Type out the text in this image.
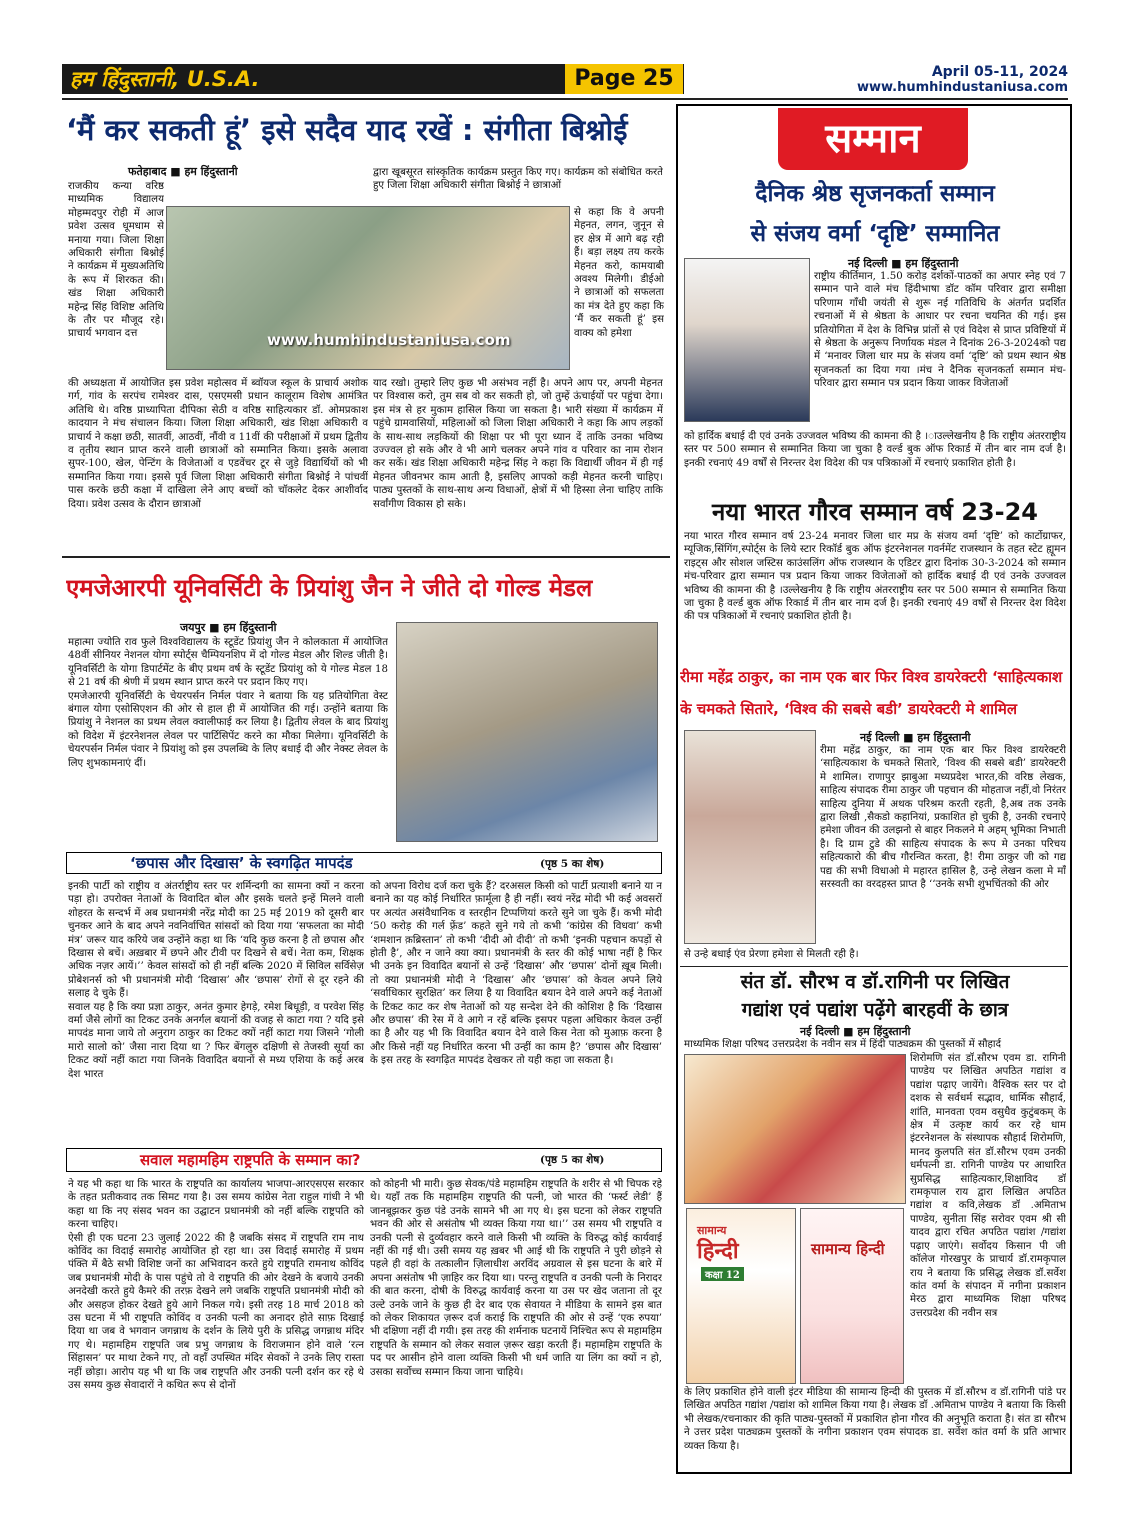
हम हिंदुस्तानी, U.S.A.	Page 25	April 05-11, 2024
www.humhindustaniusa.com
‘मैं कर सकती हूं’ इसे सदैव याद रखें : संगीता बिश्नोई
फतेहाबाद ■ हम हिंदुस्तानी
राजकीय कन्या वरिष्ठ माध्यमिक विद्यालय मोहम्मदपुर रोही में आज प्रवेश उत्सव धूमधाम से मनाया गया। जिला शिक्षा अधिकारी संगीता बिश्नोई ने कार्यक्रम में मुख्यअतिथि के रूप में शिरकत की। खंड शिक्षा अधिकारी महेन्द्र सिंह विशिष्ट अतिथि के तौर पर मौजूद रहे। प्राचार्य भगवान दत्त	www.humhindustaniusa.com
की अध्यक्षता में आयोजित इस प्रवेश महोत्सव में ब्वॉयज स्कूल के प्राचार्य अशोक गर्ग, गांव के सरपंच रामेश्वर दास, एसएमसी प्रधान कालूराम विशेष आमंत्रित अतिथि थे। वरिष्ठ प्राध्यापिता दीपिका सेठी व वरिष्ठ साहित्यकार डॉ. ओमप्रकाश कादयान ने मंच संचालन किया। जिला शिक्षा अधिकारी, खंड शिक्षा अधिकारी व प्राचार्य ने कक्षा छठी, सातवीं, आठवीं, नौंवी व 11वीं की परीक्षाओं में प्रथम द्वितीय व तृतीय स्थान प्राप्त करने वाली छात्राओं को सम्मानित किया। इसके अलावा सुपर-100, खेल, पेन्टिंग के विजेताओं व एडवेंचर टूर से जुड़े विद्यार्थियों को भी सम्मानित किया गया। इससे पूर्व जिला शिक्षा अधिकारी संगीता बिश्नोई ने पांचवीं पास करके छठी कक्षा में दाखिला लेने आए बच्चों को चॉकलेट देकर आशीर्वाद दिया। प्रवेश उत्सव के दौरान छात्राओं
द्वारा खूबसूरत सांस्कृतिक कार्यक्रम प्रस्तुत किए गए। कार्यक्रम को संबोधित करते हुए जिला शिक्षा अधिकारी संगीता बिश्नोई ने छात्राओं
से कहा कि वे अपनी मेहनत, लगन, जुनून से हर क्षेत्र में आगे बढ़ रही हैं। बड़ा लक्ष्य तय करके मेहनत करो, कामयाबी अवश्य मिलेगी। डीईओ ने छात्राओं को सफलता का मंत्र देते हुए कहा कि ‘मैं कर सकती हूं’ इस वाक्य को हमेशा
याद रखो। तुम्हारे लिए कुछ भी असंभव नहीं है। अपने आप पर, अपनी मेहनत पर विश्वास करो, तुम सब वो कर सकती हो, जो तुम्हें ऊंचाईयों पर पहुंचा देगा। इस मंत्र से हर मुकाम हासिल किया जा सकता है। भारी संख्या में कार्यक्रम में पहुंचे ग्रामवासियों, महिलाओं को जिला शिक्षा अधिकारी ने कहा कि आप लड़कों के साथ-साथ लड़कियों की शिक्षा पर भी पूरा ध्यान दें ताकि उनका भविष्य उज्ज्वल हो सके और वे भी आगे चलकर अपने गांव व परिवार का नाम रोशन कर सकें। खंड शिक्षा अधिकारी महेन्द्र सिंह ने कहा कि विद्यार्थी जीवन में ही गई मेहनत जीवनभर काम आती है, इसलिए आपको कड़ी मेहनत करनी चाहिए। पाठ्य पुस्तकों के साथ-साथ अन्य विधाओं, क्षेत्रों में भी हिस्सा लेना चाहिए ताकि सर्वांगीण विकास हो सके।
एमजेआरपी यूनिवर्सिटी के प्रियांशु जैन ने जीते दो गोल्ड मेडल
जयपुर ■ हम हिंदुस्तानी
महात्मा ज्योति राव फुले विश्वविद्यालय के स्टूडेंट प्रियांशु जैन ने कोलकाता में आयोजित 48वीं सीनियर नेशनल योगा स्पोर्ट्स चैम्पियनशिप में दो गोल्ड मेडल और शिल्ड जीती है। यूनिवर्सिटी के योगा डिपार्टमेंट के बीए प्रथम वर्ष के स्टूडेंट प्रियांशु को ये गोल्ड मेडल 18 से 21 वर्ष की श्रेणी में प्रथम स्थान प्राप्त करने पर प्रदान किए गए।
एमजेआरपी यूनिवर्सिटी के चेयरपर्सन निर्मल पंवार ने बताया कि यह प्रतियोगिता वेस्ट बंगाल योगा एसोसिएशन की ओर से हाल ही में आयोजित की गई। उन्होंने बताया कि प्रियांशु ने नेशनल का प्रथम लेवल क्वालीफाई कर लिया है। द्वितीय लेवल के बाद प्रियांशु को विदेश में इंटरनेशनल लेवल पर पार्टिसिपेंट करने का मौका मिलेगा। यूनिवर्सिटी के चेयरपर्सन निर्मल पंवार ने प्रियांशु को इस उपलब्धि के लिए बधाई दी और नेक्स्ट लेवल के लिए शुभकामनाएं दीं।
‘छपास और दिखास’ के स्वगढ़ित मापदंड	(पृष्ठ 5 का शेष)
इनकी पार्टी को राष्ट्रीय व अंतर्राष्ट्रीय स्तर पर शर्मिन्दगी का सामना क्यों न करना पड़ा हो। उपरोक्त नेताओं के विवादित बोल और इसके चलते इन्हें मिलने वाली शोहरत के सन्दर्भ में अब प्रधानमंत्री नरेंद्र मोदी का 25 मई 2019 को दूसरी बार चुनकर आने के बाद अपने नवनिर्वाचित सांसदों को दिया गया ‘सफलता का मोदी मंत्र’ जरूर याद करिये जब उन्होंने कहा था कि ‘यदि कुछ करना है तो छपास और दिखास से बचें। अख़बार में छपने और टीवी पर दिखने से बचें। नेता कम, शिक्षक अधिक नज़र आयें।’’ केवल सांसदों को ही नहीं बल्कि 2020 में सिविल सर्विसेज़ प्रोबेशनर्स को भी प्रधानमंत्री मोदी ‘दिखास’ और ‘छपास’ रोगों से दूर रहने की सलाह दे चुके हैं।
सवाल यह है कि क्या प्रज्ञा ठाकुर, अनंत कुमार हेगड़े, रमेश बिधूड़ी, व परवेश सिंह वर्मा जैसे लोगों का टिकट उनके अनर्गल बयानों की वजह से काटा गया ? यदि इसे मापदंड माना जाये तो अनुराग ठाकुर का टिकट क्यों नहीं काटा गया जिसने ‘गोली मारो सालो को’ जैसा नारा दिया था ? फिर बेंगलुरु दक्षिणी से तेजस्वी सूर्या का टिकट क्यों नहीं काटा गया जिनके विवादित बयानों से मध्य एशिया के कई अरब देश भारत
को अपना विरोध दर्ज करा चुके हैं? दरअसल किसी को पार्टी प्रत्याशी बनाने या न बनाने का यह कोई निर्धारित फ़ार्मूला है ही नहीं। स्वयं नरेंद्र मोदी भी कई अवसरों पर अत्यंत असंवैधानिक व स्तरहीन टिप्पणियां करते सुने जा चुके हैं। कभी मोदी ‘50 करोड़ की गर्ल फ़्रेंड’ कहते सुने गये तो कभी ‘कांग्रेस की विधवा’ कभी ‘शमशान क़ब्रिस्तान’ तो कभी ‘दीदी ओ दीदी’ तो कभी ‘इनकी पहचान कपड़ों से होती है’, और न जाने क्या क्या। प्रधानमंत्री के स्तर की कोई भाषा नहीं है फिर भी उनके इन विवादित बयानों से उन्हें ‘दिखास’ और ‘छपास’ दोनों ख़ूब मिली। तो क्या प्रधानमंत्री मोदी ने ‘दिखास’ और ‘छपास’ को केवल अपने लिये ‘सर्वाधिकार सुरक्षित’ कर लिया है या विवादित बयान देने वाले अपने कई नेताओं के टिकट काट कर शेष नेताओं को यह सन्देश देने की कोशिश है कि ‘दिखास और छपास’ की रेस में वे आगे न रहें बल्कि इसपर पहला अधिकार केवल उन्हीं का है और यह भी कि विवादित बयान देने वाले किस नेता को मुआफ़ करना है और किसे नहीं यह निर्धारित करना भी उन्हीं का काम है? ‘छपास और दिखास’ के इस तरह के स्वगढ़ित मापदंड देखकर तो यही कहा जा सकता है।
सवाल महामहिम राष्ट्रपति के सम्मान का?	(पृष्ठ 5 का शेष)
ने यह भी कहा था कि भारत के राष्ट्रपति का कार्यालय भाजपा-आरएसएस सरकार के तहत प्रतीकवाद तक सिमट गया है। उस समय कांग्रेस नेता राहुल गांधी ने भी कहा था कि नए संसद भवन का उद्घाटन प्रधानमंत्री को नहीं बल्कि राष्ट्रपति को करना चाहिए।
ऐसी ही एक घटना 23 जुलाई 2022 की है जबकि संसद में राष्ट्रपति राम नाथ कोविंद का विदाई समारोह आयोजित हो रहा था। उस विदाई समारोह में प्रथम पंक्ति में बैठे सभी विशिष्ट जनों का अभिवादन करते हुये राष्ट्रपति रामनाथ कोविंद जब प्रधानमंत्री मोदी के पास पहुंचे तो वे राष्ट्रपति की ओर देखने के बजाये उनकी अनदेखी करते हुये कैमरे की तरफ़ देखने लगे जबकि राष्ट्रपति प्रधानमंत्री मोदी को और असहज होकर देखते हुये आगे निकल गये। इसी तरह 18 मार्च 2018 को उस घटना में भी राष्ट्रपति कोविंद व उनकी पत्नी का अनादर होते साफ़ दिखाई दिया था जब वे भगवान जगन्नाथ के दर्शन के लिये पुरी के प्रसिद्ध जगन्नाथ मंदिर गए थे। महामहिम राष्ट्रपति जब प्रभु जगन्नाथ के विराजमान होने वाले ‘रत्न सिंहासन’ पर माथा टेकने गए, तो वहाँ उपस्थित मंदिर सेवकों ने उनके लिए रास्ता नहीं छोड़ा। आरोप यह भी था कि जब राष्ट्रपति और उनकी पत्नी दर्शन कर रहे थे उस समय कुछ सेवादारों ने कथित रूप से दोनों
को कोहनी भी मारी। कुछ सेवक/पंडे महामहिम राष्ट्रपति के शरीर से भी चिपक रहे थे। यहाँ तक कि महामहिम राष्ट्रपति की पत्नी, जो भारत की ‘फर्स्ट लेडी’ हैं जानबूझकर कुछ पंडे उनके सामने भी आ गए थे। इस घटना को लेकर राष्ट्रपति भवन की ओर से असंतोष भी व्यक्त किया गया था।’’ उस समय भी राष्ट्रपति व उनकी पत्नी से दुर्व्यवहार करने वाले किसी भी व्यक्ति के विरुद्ध कोई कार्यवाई नहीं की गई थी। उसी समय यह ख़बर भी आई थी कि राष्ट्रपति ने पुरी छोड़ने से पहले ही वहां के तत्कालीन ज़िलाधीश अरविंद अग्रवाल से इस घटना के बारे में अपना असंतोष भी ज़ाहिर कर दिया था। परन्तु राष्ट्रपति व उनकी पत्नी के निरादर की बात करना, दोषी के विरुद्ध कार्यवाई करना या उस पर खेद जताना तो दूर उल्टे उनके जाने के कुछ ही देर बाद एक सेवायत ने मीडिया के सामने इस बात को लेकर शिकायत ज़रूर दर्ज कराई कि राष्ट्रपति की ओर से उन्हें ‘एक रुपया’ भी दक्षिणा नहीं दी गयी। इस तरह की शर्मनाक घटनायें निश्चित रूप से महामहिम राष्ट्रपति के सम्मान को लेकर सवाल ज़रूर खड़ा करती हैं। महामहिम राष्ट्रपति के पद पर आसीन होने वाला व्यक्ति किसी भी धर्म जाति या लिंग का क्यों न हो, उसका सर्वोच्च सम्मान किया जाना चाहिये।
सम्मान
दैनिक श्रेष्ठ सृजनकर्ता सम्मान
से संजय वर्मा ‘दृष्टि’ सम्मानित
नई दिल्ली ■ हम हिंदुस्तानी
राष्ट्रीय कीर्तिमान, 1.50 करोड़ दर्शकों-पाठकों का अपार स्नेह एवं 7 सम्मान पाने वाले मंच हिंदीभाषा डॉट कॉम परिवार द्वारा समीक्षा परिणाम गाँधी जयंती से शुरू नई गतिविधि के अंतर्गत प्रदर्शित रचनाओं में से श्रेष्ठता के आधार पर रचना चयनित की गई। इस प्रतियोगिता में देश के विभिन्न प्रांतों से एवं विदेश से प्राप्त प्रविष्टियों में से श्रेष्ठता के अनुरूप निर्णायक मंडल ने दिनांक 26-3-2024को पद्य में ‘मनावर जिला धार मप्र के संजय वर्मा ‘दृष्टि’ को प्रथम स्थान श्रेष्ठ सृजनकर्ता का दिया गया ।मंच ने दैनिक सृजनकर्ता सम्मान मंच-परिवार द्वारा सम्मान पत्र प्रदान किया जाकर विजेताओं
को हार्दिक बधाई दी एवं उनके उज्जवल भविष्य की कामना की है ।ाउल्लेखनीय है कि राष्ट्रीय अंतरराष्ट्रीय स्तर पर 500 सम्मान से सम्मानित किया जा चुका है वर्ल्ड बुक ऑफ रिकार्ड में तीन बार नाम दर्ज है। इनकी रचनाएं 49 वर्षों से निरन्तर देश विदेश की पत्र पत्रिकाओं में रचनाएं प्रकाशित होती है।
नया भारत गौरव सम्मान वर्ष 23-24
नया भारत गौरव सम्मान वर्ष 23-24 मनावर जिला धार मप्र के संजय वर्मा ‘दृष्टि’ को कार्टोग्राफर, म्यूजिक,सिंगिंग,स्पोर्ट्स के लिये स्टार रिकॉर्ड बुक ऑफ इंटरनेशनल गवर्नमेंट राजस्थान के तहत स्टेट ह्यूमन राइट्स और सोशल जस्टिस काउंसलिंग ऑफ राजस्थान के एडिटर द्वारा दिनांक 30-3-2024 को सम्मान मंच-परिवार द्वारा सम्मान पत्र प्रदान किया जाकर विजेताओं को हार्दिक बधाई दी एवं उनके उज्जवल भविष्य की कामना की है ।उल्लेखनीय है कि राष्ट्रीय अंतरराष्ट्रीय स्तर पर 500 सम्मान से सम्मानित किया जा चुका है वर्ल्ड बुक ऑफ रिकार्ड में तीन बार नाम दर्ज है। इनकी रचनाएं 49 वर्षों से निरन्तर देश विदेश की पत्र पत्रिकाओं में रचनाएं प्रकाशित होती है।
रीमा महेंद्र ठाकुर, का नाम एक बार फिर विश्व डायरेक्टरी ‘साहित्यकाश
के चमकते सितारे, ‘विश्व की सबसे बडी’ डायरेक्टरी मे शामिल
नई दिल्ली ■ हम हिंदुस्तानी
रीमा महेंद्र ठाकुर, का नाम एक बार फिर विश्व डायरेक्टरी ‘साहित्यकाश के चमकते सितारे, ‘विश्व की सबसे बडी’ डायरेक्टरी मे शामिल। राणापुर झाबुआ मध्यप्रदेश भारत,की वरिष्ठ लेखक, साहित्य संपादक रीमा ठाकुर जी पहचान की मोहताज नहीं,वो निरंतर साहित्य दुनिया में अथक परिश्रम करती रहती, है,अब तक उनके द्वारा लिखी ,सैकडो कहानियां, प्रकाशित हो चुकी है, उनकी रचनाऐ हमेशा जीवन की उलझनो से बाहर निकलने मे अहम् भूमिका निभाती है। दि ग्राम टुडे की साहित्य संपादक के रूप मे उनका परिचय सहित्यकारो की बीच गौरन्वित करता, है! रीमा ठाकुर जी को गद्य पद्य की सभी विधाओ मे महारत हासिल है, उन्हे लेखन कला मे माँ सरस्वती का वरदहस्त प्राप्त है ‘‘उनके सभी शुभचिंतको की ओर
से उन्हे बधाई एंव प्रेरणा हमेशा से मिलती रही है।
संत डॉ. सौरभ व डॉ.रागिनी पर लिखित
गद्यांश एवं पद्यांश पढ़ेंगे बारहवीं के छात्र
नई दिल्ली ■ हम हिंदुस्तानी
माध्यमिक शिक्षा परिषद उत्तरप्रदेश के नवीन सत्र में हिंदी पाठ्यक्रम की पुस्तकों में सौहार्द
सामान्य
हिन्दी
कक्षा 12
सामान्य हिन्दी
शिरोमणि संत डॉ.सौरभ एवम डा. रागिनी पाण्डेय पर लिखित अपठित गद्यांश व पद्यांश पढ़ाए जायेंगे। वैश्विक स्तर पर दो दशक से सर्वधर्म सद्भाव, धार्मिक सौहार्द, शांति, मानवता एवम वसुधैव कुटुंबकम् के क्षेत्र में उत्कृष्ट कार्य कर रहे धाम इंटरनेशनल के संस्थापक सौहार्द शिरोमणि, मानद कुलपति संत डॉ.सौरभ एवम उनकी धर्मपत्नी डा. रागिनी पाण्डेय पर आधारित सुप्रसिद्ध साहित्यकार,शिक्षाविद डॉ रामकृपाल राय द्वारा लिखित अपठित गद्यांश व कवि,लेखक डॉ .अमिताभ पाण्डेय, सुनीता सिंह सरोवर एवम श्री सी यादव द्वारा रचित अपठित पद्यांश /गद्यांश पढ़ाए जाएंगे। सर्वोदय किसान पी जी कॉलेज गोरखपुर के प्राचार्य डॉ.रामकृपाल राय ने बताया कि प्रसिद्ध लेखक डॉ.सर्वेश कांत वर्मा के संपादन में नगीना प्रकाशन मेरठ द्वारा माध्यमिक शिक्षा परिषद उत्तरप्रदेश की नवीन सत्र
के लिए प्रकाशित होने वाली इंटर मीडिया की सामान्य हिन्दी की पुस्तक में डॉ.सौरभ व डॉ.रागिनी पांडे पर लिखित अपठित गद्यांश /पद्यांश को शामिल किया गया है। लेखक डॉ .अमिताभ पाण्डेय ने बताया कि किसी भी लेखक/रचनाकार की कृति पाठ्य-पुस्तकों में प्रकाशित होना गौरव की अनुभूति कराता है। संत डा सौरभ ने उत्तर प्रदेश पाठ्यक्रम पुस्तकों के नगीना प्रकाशन एवम संपादक डा. सर्वेश कांत वर्मा के प्रति आभार व्यक्त किया है।
